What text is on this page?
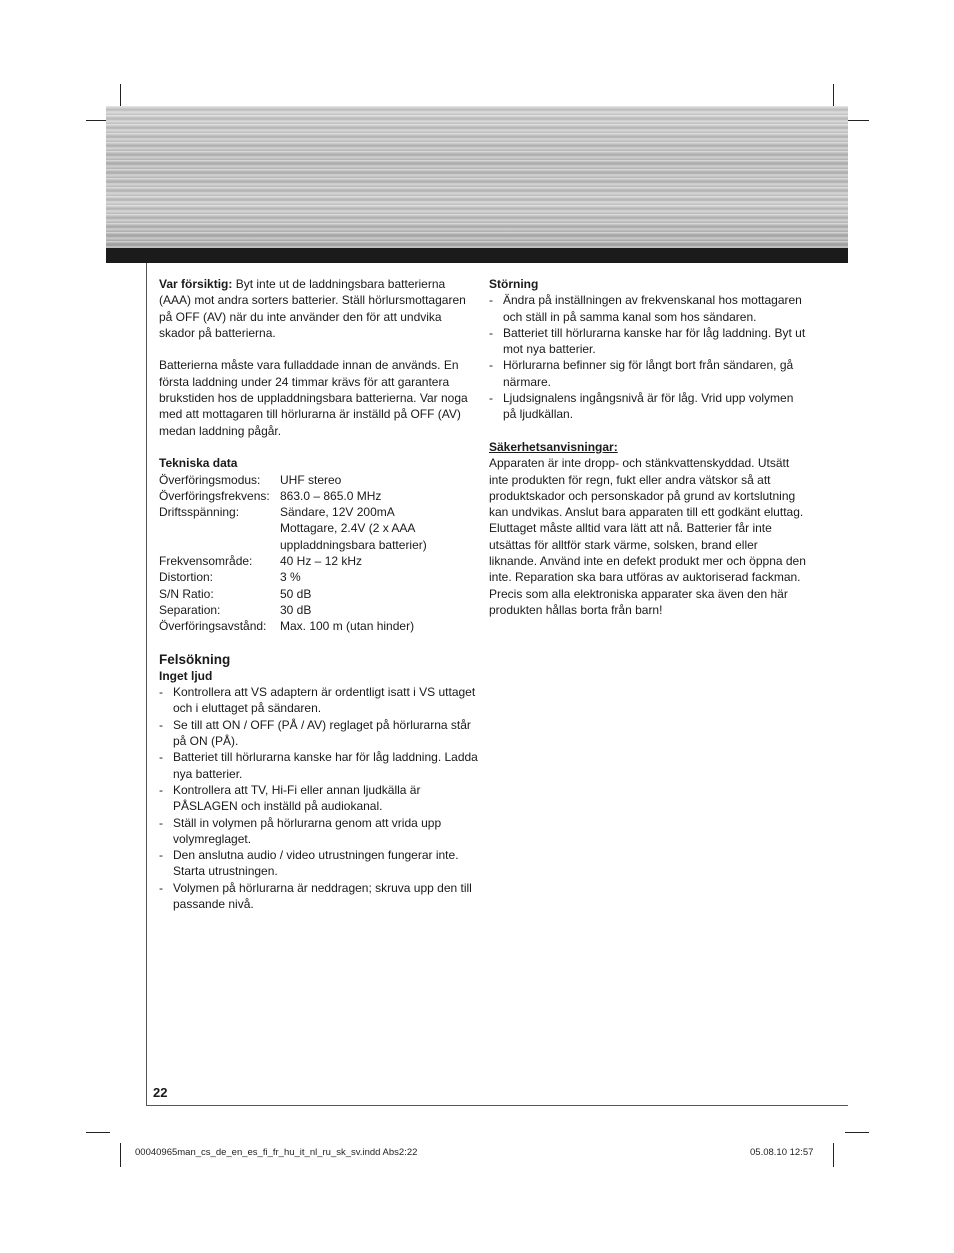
Var försiktig: Byt inte ut de laddningsbara batterierna (AAA) mot andra sorters batterier. Ställ hörlursmottagaren på OFF (AV) när du inte använder den för att undvika skador på batterierna.

Batterierna måste vara fulladdade innan de används. En första laddning under 24 timmar krävs för att garantera brukstiden hos de uppladdningsbara batterierna. Var noga med att mottagaren till hörlurarna är inställd på OFF (AV) medan laddning pågår.

Tekniska data

Överföringsmodus:	UHF stereo
Överföringsfrekvens: 863.0 – 865.0 MHz
Driftsspänning:	Sändare, 12V 200mA
Mottagare, 2.4V (2 x AAA uppladdningsbara batterier)
Frekvensområde:	40 Hz – 12 kHz
Distortion:	3 %
S/N Ratio:	50 dB
Separation:	30 dB
Överföringsavstånd:	Max. 100 m (utan hinder)

Felsökning

Inget ljud

- Kontrollera att VS adaptern är ordentligt isatt i VS uttaget och i eluttaget på sändaren.
- Se till att ON / OFF (PÅ / AV) reglaget på hörlurarna står på ON (PÅ).
- Batteriet till hörlurarna kanske har för låg laddning. Ladda nya batterier.
- Kontrollera att TV, Hi-Fi eller annan ljudkälla är PÅSLAGEN och inställd på audiokanal.
- Ställ in volymen på hörlurarna genom att vrida upp volymreglaget.
- Den anslutna audio / video utrustningen fungerar inte. Starta utrustningen.
- Volymen på hörlurarna är neddragen; skruva upp den till passande nivå.

Störning

- Ändra på inställningen av frekvenskanal hos mottagaren och ställ in på samma kanal som hos sändaren.
- Batteriet till hörlurarna kanske har för låg laddning. Byt ut mot nya batterier.
- Hörlurarna befinner sig för långt bort från sändaren, gå närmare.
- Ljudsignalens ingångsnivå är för låg. Vrid upp volymen på ljudkällan.

Säkerhetsanvisningar:

Apparaten är inte dropp- och stänkvattenskyddad. Utsätt inte produkten för regn, fukt eller andra vätskor så att produktskador och personskador på grund av kortslutning kan undvikas. Anslut bara apparaten till ett godkänt eluttag. Eluttaget måste alltid vara lätt att nå. Batterier får inte utsättas för alltför stark värme, solsken, brand eller liknande. Använd inte en defekt produkt mer och öppna den inte. Reparation ska bara utföras av auktoriserad fackman. Precis som alla elektroniska apparater ska även den här produkten hållas borta från barn!

22
00040965man_cs_de_en_es_fi_fr_hu_it_nl_ru_sk_sv.indd Abs2:22	05.08.10 12:57
